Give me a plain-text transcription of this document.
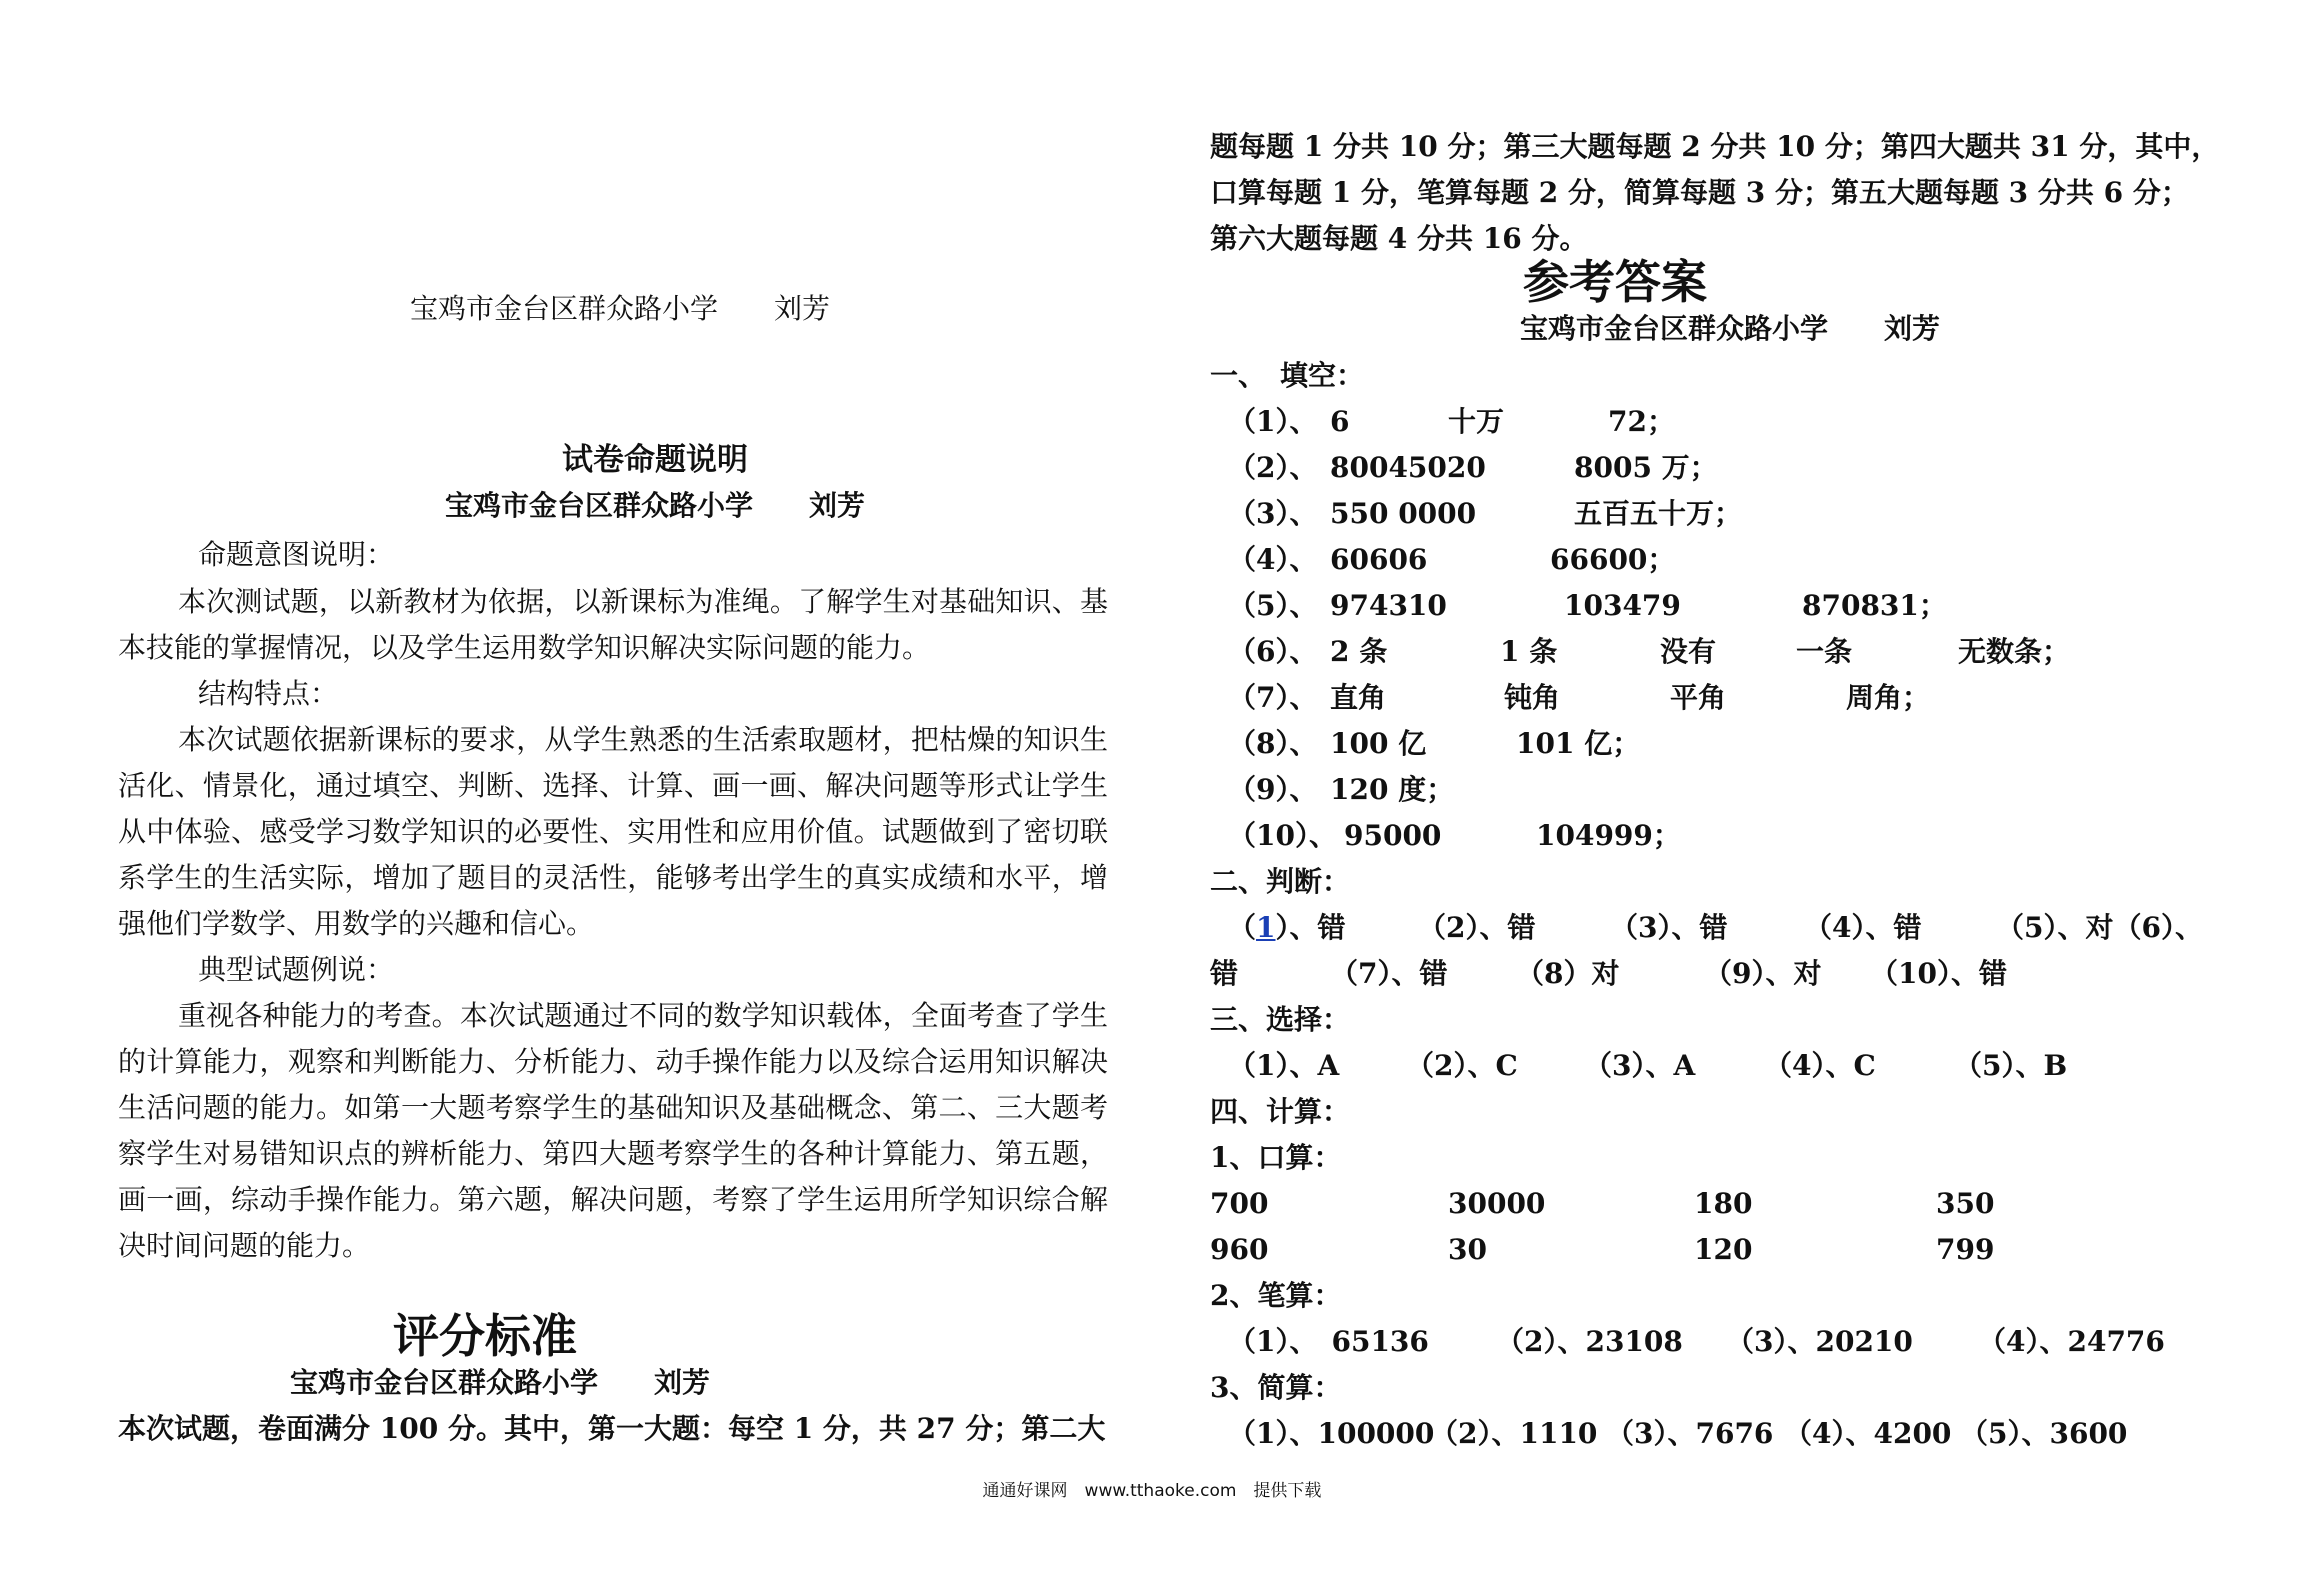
宝鸡市金台区群众路小学　　刘芳
试卷命题说明
宝鸡市金台区群众路小学　　刘芳
命题意图说明：
本次测试题，以新教材为依据，以新课标为准绳。了解学生对基础知识、基本技能的掌握情况，以及学生运用数学知识解决实际问题的能力。
结构特点：
本次试题依据新课标的要求，从学生熟悉的生活索取题材，把枯燥的知识生活化、情景化，通过填空、判断、选择、计算、画一画、解决问题等形式让学生从中体验、感受学习数学知识的必要性、实用性和应用价值。试题做到了密切联系学生的生活实际，增加了题目的灵活性，能够考出学生的真实成绩和水平，增强他们学数学、用数学的兴趣和信心。
典型试题例说：
重视各种能力的考查。本次试题通过不同的数学知识载体，全面考查了学生的计算能力，观察和判断能力、分析能力、动手操作能力以及综合运用知识解决生活问题的能力。如第一大题考察学生的基础知识及基础概念、第二、三大题考察学生对易错知识点的辨析能力、第四大题考察学生的各种计算能力、第五题，画一画，综动手操作能力。第六题，解决问题，考察了学生运用所学知识综合解决时间问题的能力。
评分标准
宝鸡市金台区群众路小学　　刘芳
本次试题，卷面满分 100 分。其中，第一大题：每空 1 分，共 27 分；第二大
题每题 1 分共 10 分；第三大题每题 2 分共 10 分；第四大题共 31 分，其中，
口算每题 1 分，笔算每题 2 分，简算每题 3 分；第五大题每题 3 分共 6 分；
第六大题每题 4 分共 16 分。
参考答案
宝鸡市金台区群众路小学　　刘芳
一、　填空：
（1）、 6	十万	72；
（2）、 80045020	8005 万；
（3）、 550 0000	五百五十万；
（4）、 60606	66600；
（5）、 974310	103479	870831；
（6）、 2 条	1 条	没有	一条	无数条；
（7）、 直角	钝角	平角	周角；
（8）、 100 亿	101 亿；
（9）、 120 度；
（10）、 95000	104999；
二、判断：
（1）、错	（2）、错	（3）、错	（4）、错	（5）、对（6）、
错	（7）、错 （8）对	（9）、对 （10）、错
三、选择：
（1）、A （2）、C （3）、A （4）、C	（5）、B
四、计算：
1、口算：
700	30000	180	350
960	30	120	799
2、笔算：
（1）、　65136 （2）、23108 （3）、20210 （4）、24776
3、简算：
（1）、100000
（2）、1110 （3）、7676 （4）、4200 （5）、3600
通通好课网　www.tthaoke.com　提供下载
